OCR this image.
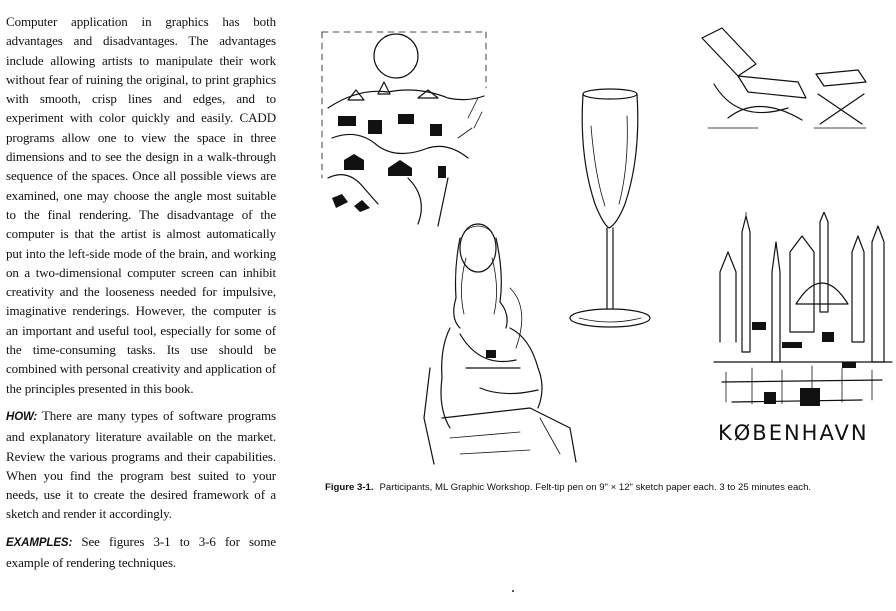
Computer application in graphics has both advantages and disadvantages. The advantages include allowing artists to manipulate their work without fear of ruining the original, to print graphics with smooth, crisp lines and edges, and to experiment with color quickly and easily. CADD programs allow one to view the space in three dimensions and to see the design in a walk-through sequence of the spaces. Once all possible views are examined, one may choose the angle most suitable to the final rendering. The disadvantage of the computer is that the artist is almost automatically put into the left-side mode of the brain, and working on a two-dimensional computer screen can inhibit creativity and the looseness needed for impulsive, imaginative renderings. However, the computer is an important and useful tool, especially for some of the time-consuming tasks. Its use should be combined with personal creativity and application of the principles presented in this book.

HOW: There are many types of software programs and explanatory literature available on the market. Review the various programs and their capabilities. When you find the program best suited to your needs, use it to create the desired framework of a sketch and render it accordingly.

EXAMPLES: See figures 3-1 to 3-6 for some example of rendering techniques.

KØBENHAVN
Figure 3-1. Participants, ML Graphic Workshop. Felt-tip pen on 9" × 12" sketch paper each. 3 to 25 minutes each.
